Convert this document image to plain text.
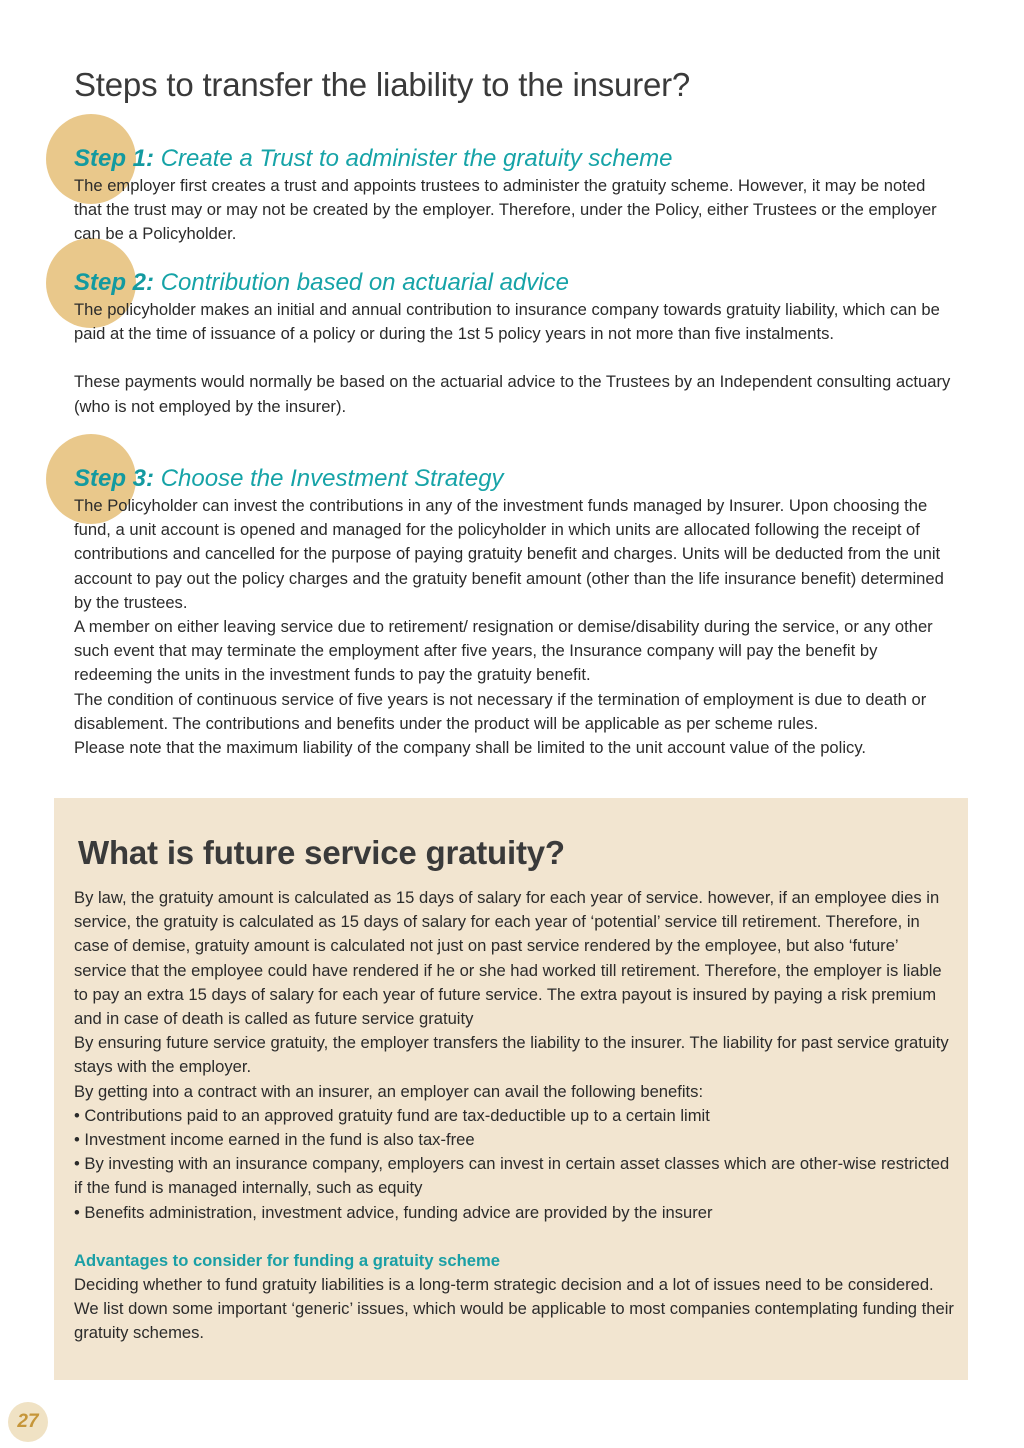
Steps to transfer the liability to the insurer?
Step 1: Create a Trust to administer the gratuity scheme

The employer first creates a trust and appoints trustees to administer the gratuity scheme. However, it may be noted that the trust may or may not be created by the employer. Therefore, under the Policy, either Trustees or the employer can be a Policyholder.

Step 2: Contribution based on actuarial advice

The policyholder makes an initial and annual contribution to insurance company towards gratuity liability, which can be paid at the time of issuance of a policy or during the 1st 5 policy years in not more than five instalments.

These payments would normally be based on the actuarial advice to the Trustees by an Independent consulting actuary (who is not employed by the insurer).

Step 3: Choose the Investment Strategy

The Policyholder can invest the contributions in any of the investment funds managed by Insurer. Upon choosing the fund, a unit account is opened and managed for the policyholder in which units are allocated following the receipt of contributions and cancelled for the purpose of paying gratuity benefit and charges. Units will be deducted from the unit account to pay out the policy charges and the gratuity benefit amount (other than the life insurance benefit) determined by the trustees.

A member on either leaving service due to retirement/ resignation or demise/disability during the service, or any other such event that may terminate the employment after five years, the Insurance company will pay the benefit by redeeming the units in the investment funds to pay the gratuity benefit.

The condition of continuous service of five years is not necessary if the termination of employment is due to death or disablement. The contributions and benefits under the product will be applicable as per scheme rules.

Please note that the maximum liability of the company shall be limited to the unit account value of the policy.

What is future service gratuity?

By law, the gratuity amount is calculated as 15 days of salary for each year of service. however, if an employee dies in service, the gratuity is calculated as 15 days of salary for each year of ‘potential’ service till retirement. Therefore, in case of demise, gratuity amount is calculated not just on past service rendered by the employee, but also ‘future’ service that the employee could have rendered if he or she had worked till retirement. Therefore, the employer is liable to pay an extra 15 days of salary for each year of future service. The extra payout is insured by paying a risk premium and in case of death is called as future service gratuity

By ensuring future service gratuity, the employer transfers the liability to the insurer. The liability for past service gratuity stays with the employer.

By getting into a contract with an insurer, an employer can avail the following benefits:

• Contributions paid to an approved gratuity fund are tax-deductible up to a certain limit

• Investment income earned in the fund is also tax-free

• By investing with an insurance company, employers can invest in certain asset classes which are other-wise restricted if the fund is managed internally, such as equity

• Benefits administration, investment advice, funding advice are provided by the insurer

Advantages to consider for funding a gratuity scheme

Deciding whether to fund gratuity liabilities is a long-term strategic decision and a lot of issues need to be considered. We list down some important ‘generic’ issues, which would be applicable to most companies contemplating funding their gratuity schemes.

27
